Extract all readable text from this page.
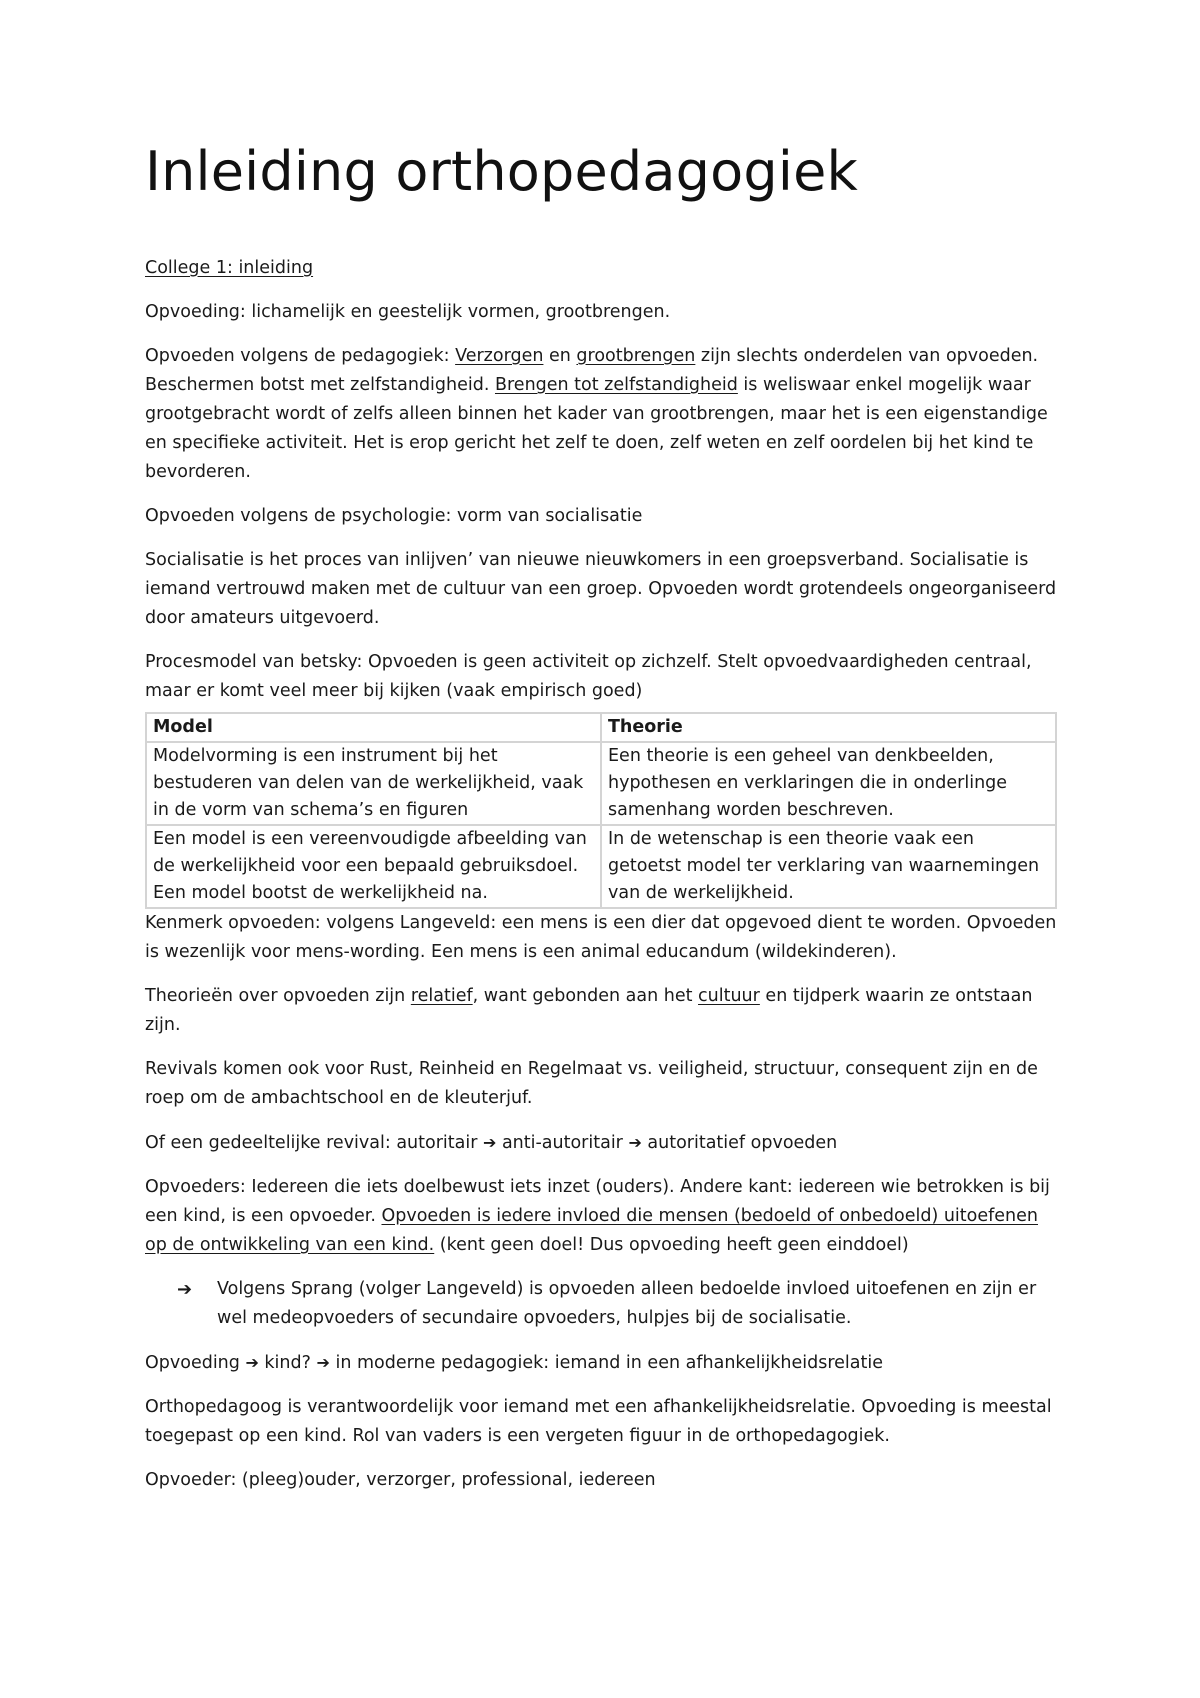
Inleiding orthopedagogiek

College 1: inleiding

Opvoeding: lichamelijk en geestelijk vormen, grootbrengen.

Opvoeden volgens de pedagogiek: Verzorgen en grootbrengen zijn slechts onderdelen van opvoeden. Beschermen botst met zelfstandigheid. Brengen tot zelfstandigheid is weliswaar enkel mogelijk waar grootgebracht wordt of zelfs alleen binnen het kader van grootbrengen, maar het is een eigenstandige en specifieke activiteit. Het is erop gericht het zelf te doen, zelf weten en zelf oordelen bij het kind te bevorderen.

Opvoeden volgens de psychologie: vorm van socialisatie

Socialisatie is het proces van inlijven’ van nieuwe nieuwkomers in een groepsverband. Socialisatie is iemand vertrouwd maken met de cultuur van een groep. Opvoeden wordt grotendeels ongeorganiseerd door amateurs uitgevoerd.

Procesmodel van betsky: Opvoeden is geen activiteit op zichzelf. Stelt opvoedvaardigheden centraal, maar er komt veel meer bij kijken (vaak empirisch goed)

Model	Theorie
Modelvorming is een instrument bij het bestuderen van delen van de werkelijkheid, vaak in de vorm van schema’s en figuren	Een theorie is een geheel van denkbeelden, hypothesen en verklaringen die in onderlinge samenhang worden beschreven.
Een model is een vereenvoudigde afbeelding van de werkelijkheid voor een bepaald gebruiksdoel. Een model bootst de werkelijkheid na.	In de wetenschap is een theorie vaak een getoetst model ter verklaring van waarnemingen van de werkelijkheid.

Kenmerk opvoeden: volgens Langeveld: een mens is een dier dat opgevoed dient te worden. Opvoeden is wezenlijk voor mens-wording. Een mens is een animal educandum (wildekinderen).

Theorieën over opvoeden zijn relatief, want gebonden aan het cultuur en tijdperk waarin ze ontstaan zijn.

Revivals komen ook voor Rust, Reinheid en Regelmaat vs. veiligheid, structuur, consequent zijn en de roep om de ambachtschool en de kleuterjuf.

Of een gedeeltelijke revival: autoritair ➔ anti-autoritair ➔ autoritatief opvoeden

Opvoeders: Iedereen die iets doelbewust iets inzet (ouders). Andere kant: iedereen wie betrokken is bij een kind, is een opvoeder. Opvoeden is iedere invloed die mensen (bedoeld of onbedoeld) uitoefenen op de ontwikkeling van een kind. (kent geen doel! Dus opvoeding heeft geen einddoel)

➔	Volgens Sprang (volger Langeveld) is opvoeden alleen bedoelde invloed uitoefenen en zijn er wel medeopvoeders of secundaire opvoeders, hulpjes bij de socialisatie.

Opvoeding ➔ kind? ➔ in moderne pedagogiek: iemand in een afhankelijkheidsrelatie

Orthopedagoog is verantwoordelijk voor iemand met een afhankelijkheidsrelatie. Opvoeding is meestal toegepast op een kind. Rol van vaders is een vergeten figuur in de orthopedagogiek.

Opvoeder: (pleeg)ouder, verzorger, professional, iedereen
